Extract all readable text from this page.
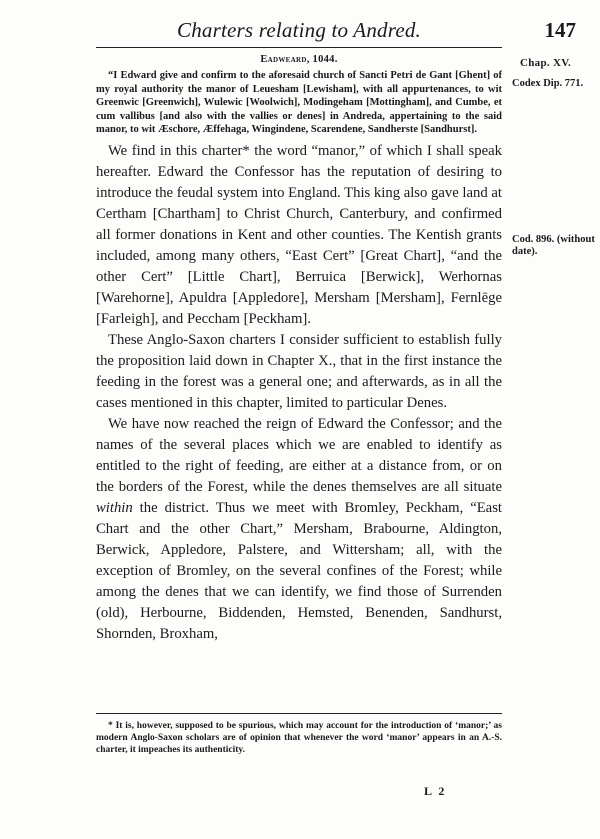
Charters relating to Andred.	147
Chap. XV.
Codex Dip. 771.
Cod. 896. (without date).
Eadweard, 1044.

“I Edward give and confirm to the aforesaid church of Sancti Petri de Gant [Ghent] of my royal authority the manor of Leuesham [Lewisham], with all appurtenances, to wit Greenwic [Greenwich], Wulewic [Woolwich], Modingeham [Mottingham], and Cumbe, et cum vallibus [and also with the vallies or denes] in Andreda, appertaining to the said manor, to wit Æschore, Æffehaga, Wingindene, Scarendene, Sandherste [Sandhurst].

We find in this charter* the word “manor,” of which I shall speak hereafter. Edward the Confessor has the reputation of desiring to introduce the feudal system into England. This king also gave land at Certham [Chartham] to Christ Church, Canterbury, and confirmed all former donations in Kent and other counties. The Kentish grants included, among many others, “East Cert” [Great Chart], “and the other Cert” [Little Chart], Berruica [Berwick], Werhornas [Warehorne], Apuldra [Appledore], Mersham [Mersham], Fernlēge [Farleigh], and Peccham [Peckham].

These Anglo-Saxon charters I consider sufficient to establish fully the proposition laid down in Chapter X., that in the first instance the feeding in the forest was a general one; and afterwards, as in all the cases mentioned in this chapter, limited to particular Denes.

We have now reached the reign of Edward the Confessor; and the names of the several places which we are enabled to identify as entitled to the right of feeding, are either at a distance from, or on the borders of the Forest, while the denes themselves are all situate within the district. Thus we meet with Bromley, Peckham, “East Chart and the other Chart,” Mersham, Brabourne, Aldington, Berwick, Appledore, Palstere, and Wittersham; all, with the exception of Bromley, on the several confines of the Forest; while among the denes that we can identify, we find those of Surrenden (old), Herbourne, Biddenden, Hemsted, Benenden, Sandhurst, Shornden, Broxham,

* It is, however, supposed to be spurious, which may account for the introduction of ‘manor;’ as modern Anglo-Saxon scholars are of opinion that whenever the word ‘manor’ appears in an A.-S. charter, it impeaches its authenticity.

L 2
